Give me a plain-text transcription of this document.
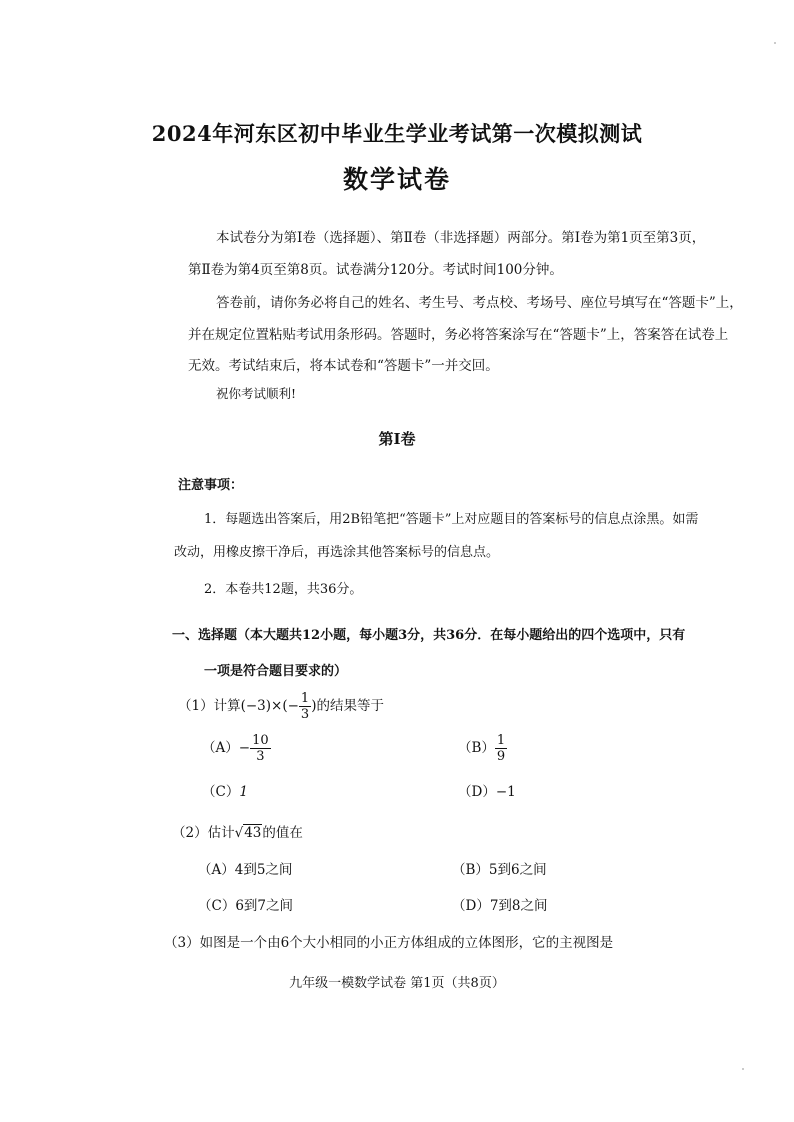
2024年河东区初中毕业生学业考试第一次模拟测试
数学试卷
本试卷分为第Ⅰ卷（选择题）、第Ⅱ卷（非选择题）两部分。第Ⅰ卷为第1页至第3页，
第Ⅱ卷为第4页至第8页。试卷满分120分。考试时间100分钟。
答卷前，请你务必将自己的姓名、考生号、考点校、考场号、座位号填写在“答题卡”上，
并在规定位置粘贴考试用条形码。答题时，务必将答案涂写在“答题卡”上，答案答在试卷上
无效。考试结束后，将本试卷和“答题卡”一并交回。
祝你考试顺利!
第Ⅰ卷
注意事项：
1．每题选出答案后，用2B铅笔把“答题卡”上对应题目的答案标号的信息点涂黑。如需
改动，用橡皮擦干净后，再选涂其他答案标号的信息点。
2．本卷共12题，共36分。
一、选择题（本大题共12小题，每小题3分，共36分．在每小题给出的四个选项中，只有
一项是符合题目要求的）
（1）计算$(-3)\times(- \frac{1}{3}$ )的结果等于
$(A)- \frac{10}{3}$	$(B) \frac{1}{9}$
（C）1	（D）−1
（2）估计√43的值在
（A）4到5之间	（B）5到6之间
（C）6到7之间	（D）7到8之间
（3）如图是一个由6个大小相同的小正方体组成的立体图形，它的主视图是
九年级一模数学试卷 第1页（共8页）
